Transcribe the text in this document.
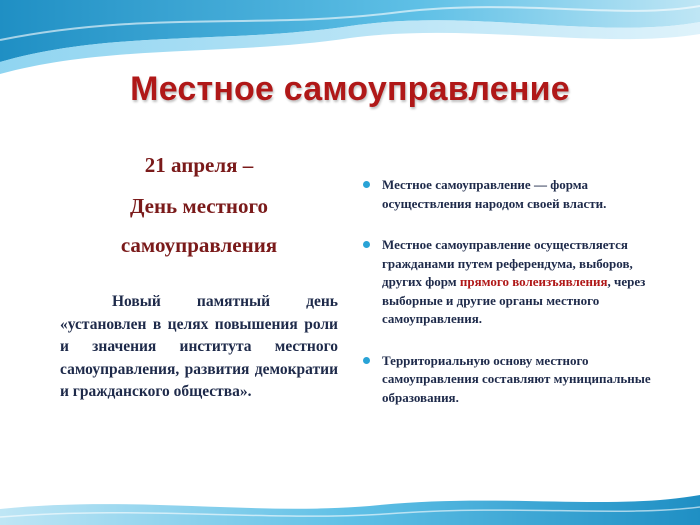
Местное самоуправление
21 апреля –
День местного
самоуправления
Новый памятный день «установлен в целях повышения роли и значения института местного самоуправления, развития демократии и гражданского общества».
Местное самоуправление — форма осуществления народом своей власти.
Местное самоуправление осуществляется гражданами путем референдума, выборов, других форм прямого волеизъявления, через выборные и другие органы местного самоуправления.
Территориальную основу местного самоуправления составляют муниципальные образования.
